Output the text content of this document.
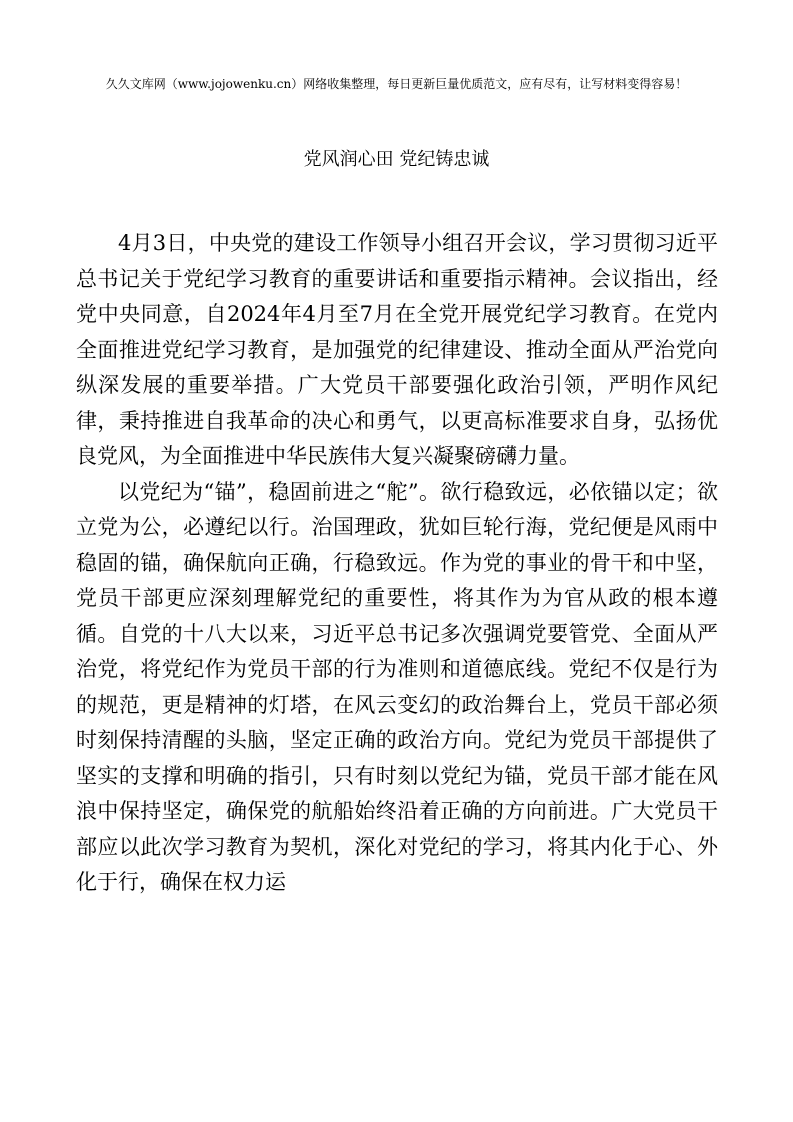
久久文库网（www.jojowenku.cn）网络收集整理，每日更新巨量优质范文，应有尽有，让写材料变得容易！
党风润心田 党纪铸忠诚

4月3日，中央党的建设工作领导小组召开会议，学习贯彻习近平总书记关于党纪学习教育的重要讲话和重要指示精神。会议指出，经党中央同意，自2024年4月至7月在全党开展党纪学习教育。在党内全面推进党纪学习教育，是加强党的纪律建设、推动全面从严治党向纵深发展的重要举措。广大党员干部要强化政治引领，严明作风纪律，秉持推进自我革命的决心和勇气，以更高标准要求自身，弘扬优良党风，为全面推进中华民族伟大复兴凝聚磅礴力量。

以党纪为“锚”，稳固前进之“舵”。欲行稳致远，必依锚以定；欲立党为公，必遵纪以行。治国理政，犹如巨轮行海，党纪便是风雨中稳固的锚，确保航向正确，行稳致远。作为党的事业的骨干和中坚，党员干部更应深刻理解党纪的重要性，将其作为为官从政的根本遵循。自党的十八大以来，习近平总书记多次强调党要管党、全面从严治党，将党纪作为党员干部的行为准则和道德底线。党纪不仅是行为的规范，更是精神的灯塔，在风云变幻的政治舞台上，党员干部必须时刻保持清醒的头脑，坚定正确的政治方向。党纪为党员干部提供了坚实的支撑和明确的指引，只有时刻以党纪为锚，党员干部才能在风浪中保持坚定，确保党的航船始终沿着正确的方向前进。广大党员干部应以此次学习教育为契机，深化对党纪的学习，将其内化于心、外化于行，确保在权力运
